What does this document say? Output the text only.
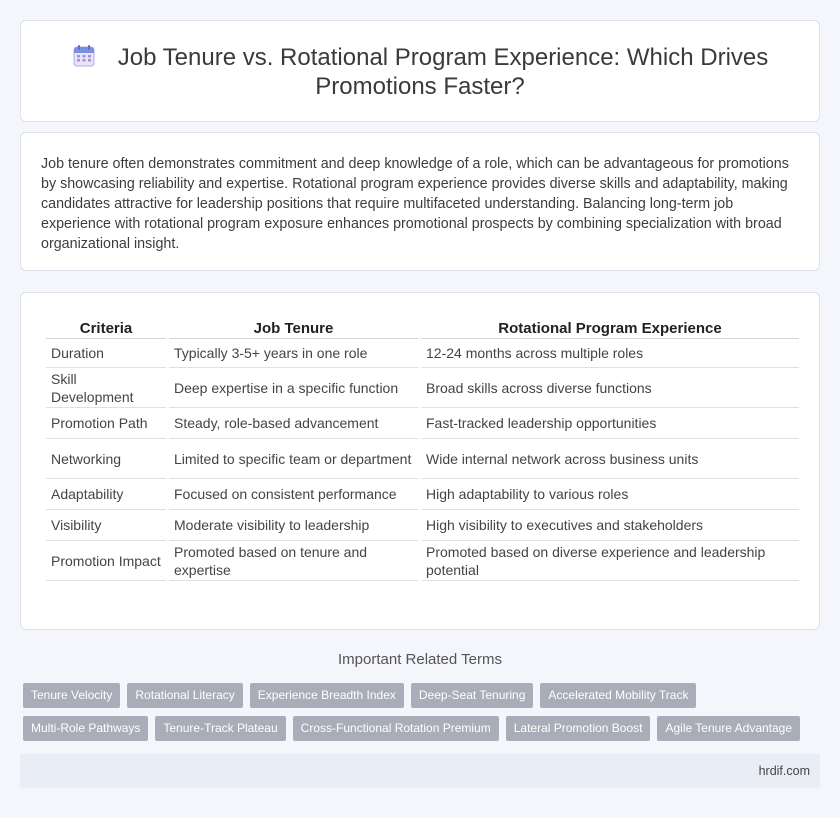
Job Tenure vs. Rotational Program Experience: Which Drives Promotions Faster?

Job tenure often demonstrates commitment and deep knowledge of a role, which can be advantageous for promotions by showcasing reliability and expertise. Rotational program experience provides diverse skills and adaptability, making candidates attractive for leadership positions that require multifaceted understanding. Balancing long-term job experience with rotational program exposure enhances promotional prospects by combining specialization with broad organizational insight.

Criteria	Job Tenure	Rotational Program Experience
Duration	Typically 3-5+ years in one role	12-24 months across multiple roles
Skill Development	Deep expertise in a specific function	Broad skills across diverse functions
Promotion Path	Steady, role-based advancement	Fast-tracked leadership opportunities
Networking	Limited to specific team or department	Wide internal network across business units
Adaptability	Focused on consistent performance	High adaptability to various roles
Visibility	Moderate visibility to leadership	High visibility to executives and stakeholders
Promotion Impact	Promoted based on tenure and expertise	Promoted based on diverse experience and leadership potential
Important Related Terms
Tenure Velocity	Rotational Literacy	Experience Breadth Index	Deep-Seat Tenuring	Accelerated Mobility Track
Multi-Role Pathways	Tenure-Track Plateau	Cross-Functional Rotation Premium	Lateral Promotion Boost	Agile Tenure Advantage
hrdif.com
